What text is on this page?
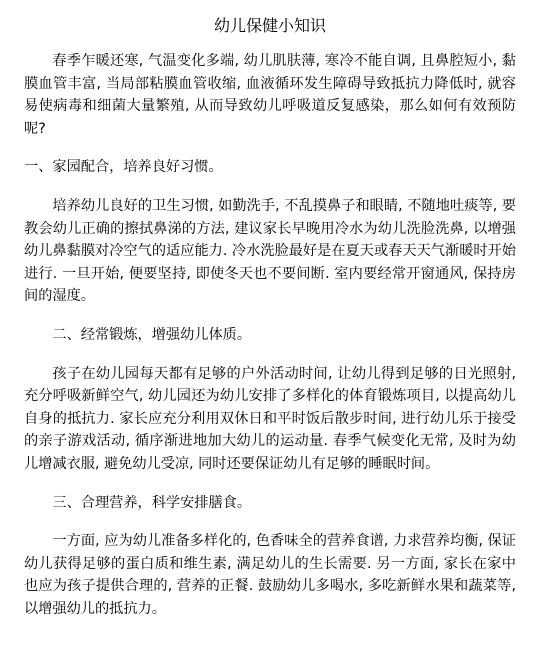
幼儿保健小知识

春季乍暖还寒, 气温变化多端, 幼儿肌肤薄, 寒冷不能自调, 且鼻腔短小, 黏膜血管丰富, 当局部粘膜血管收缩, 血液循环发生障碍导致抵抗力降低时, 就容易使病毒和细菌大量繁殖, 从而导致幼儿呼吸道反复感染，那么如何有效预防呢?

一、家园配合，培养良好习惯。

培养幼儿良好的卫生习惯, 如勤洗手, 不乱摸鼻子和眼睛, 不随地吐痰等, 要教会幼儿正确的擦拭鼻涕的方法, 建议家长早晚用冷水为幼儿洗脸洗鼻, 以增强幼儿鼻黏膜对冷空气的适应能力. 冷水洗脸最好是在夏天或春天天气渐暖时开始进行. 一旦开始, 便要坚持, 即使冬天也不要间断. 室内要经常开窗通风, 保持房间的湿度。

二、经常锻炼，增强幼儿体质。

孩子在幼儿园每天都有足够的户外活动时间, 让幼儿得到足够的日光照射, 充分呼吸新鲜空气, 幼儿园还为幼儿安排了多样化的体育锻炼项目, 以提高幼儿自身的抵抗力. 家长应充分利用双休日和平时饭后散步时间, 进行幼儿乐于接受的亲子游戏活动, 循序渐进地加大幼儿的运动量. 春季气候变化无常, 及时为幼儿增减衣服, 避免幼儿受凉, 同时还要保证幼儿有足够的睡眠时间。

三、合理营养，科学安排膳食。

一方面, 应为幼儿准备多样化的, 色香味全的营养食谱, 力求营养均衡, 保证幼儿获得足够的蛋白质和维生素, 满足幼儿的生长需要. 另一方面, 家长在家中也应为孩子提供合理的, 营养的正餐. 鼓励幼儿多喝水, 多吃新鲜水果和蔬菜等, 以增强幼儿的抵抗力。
